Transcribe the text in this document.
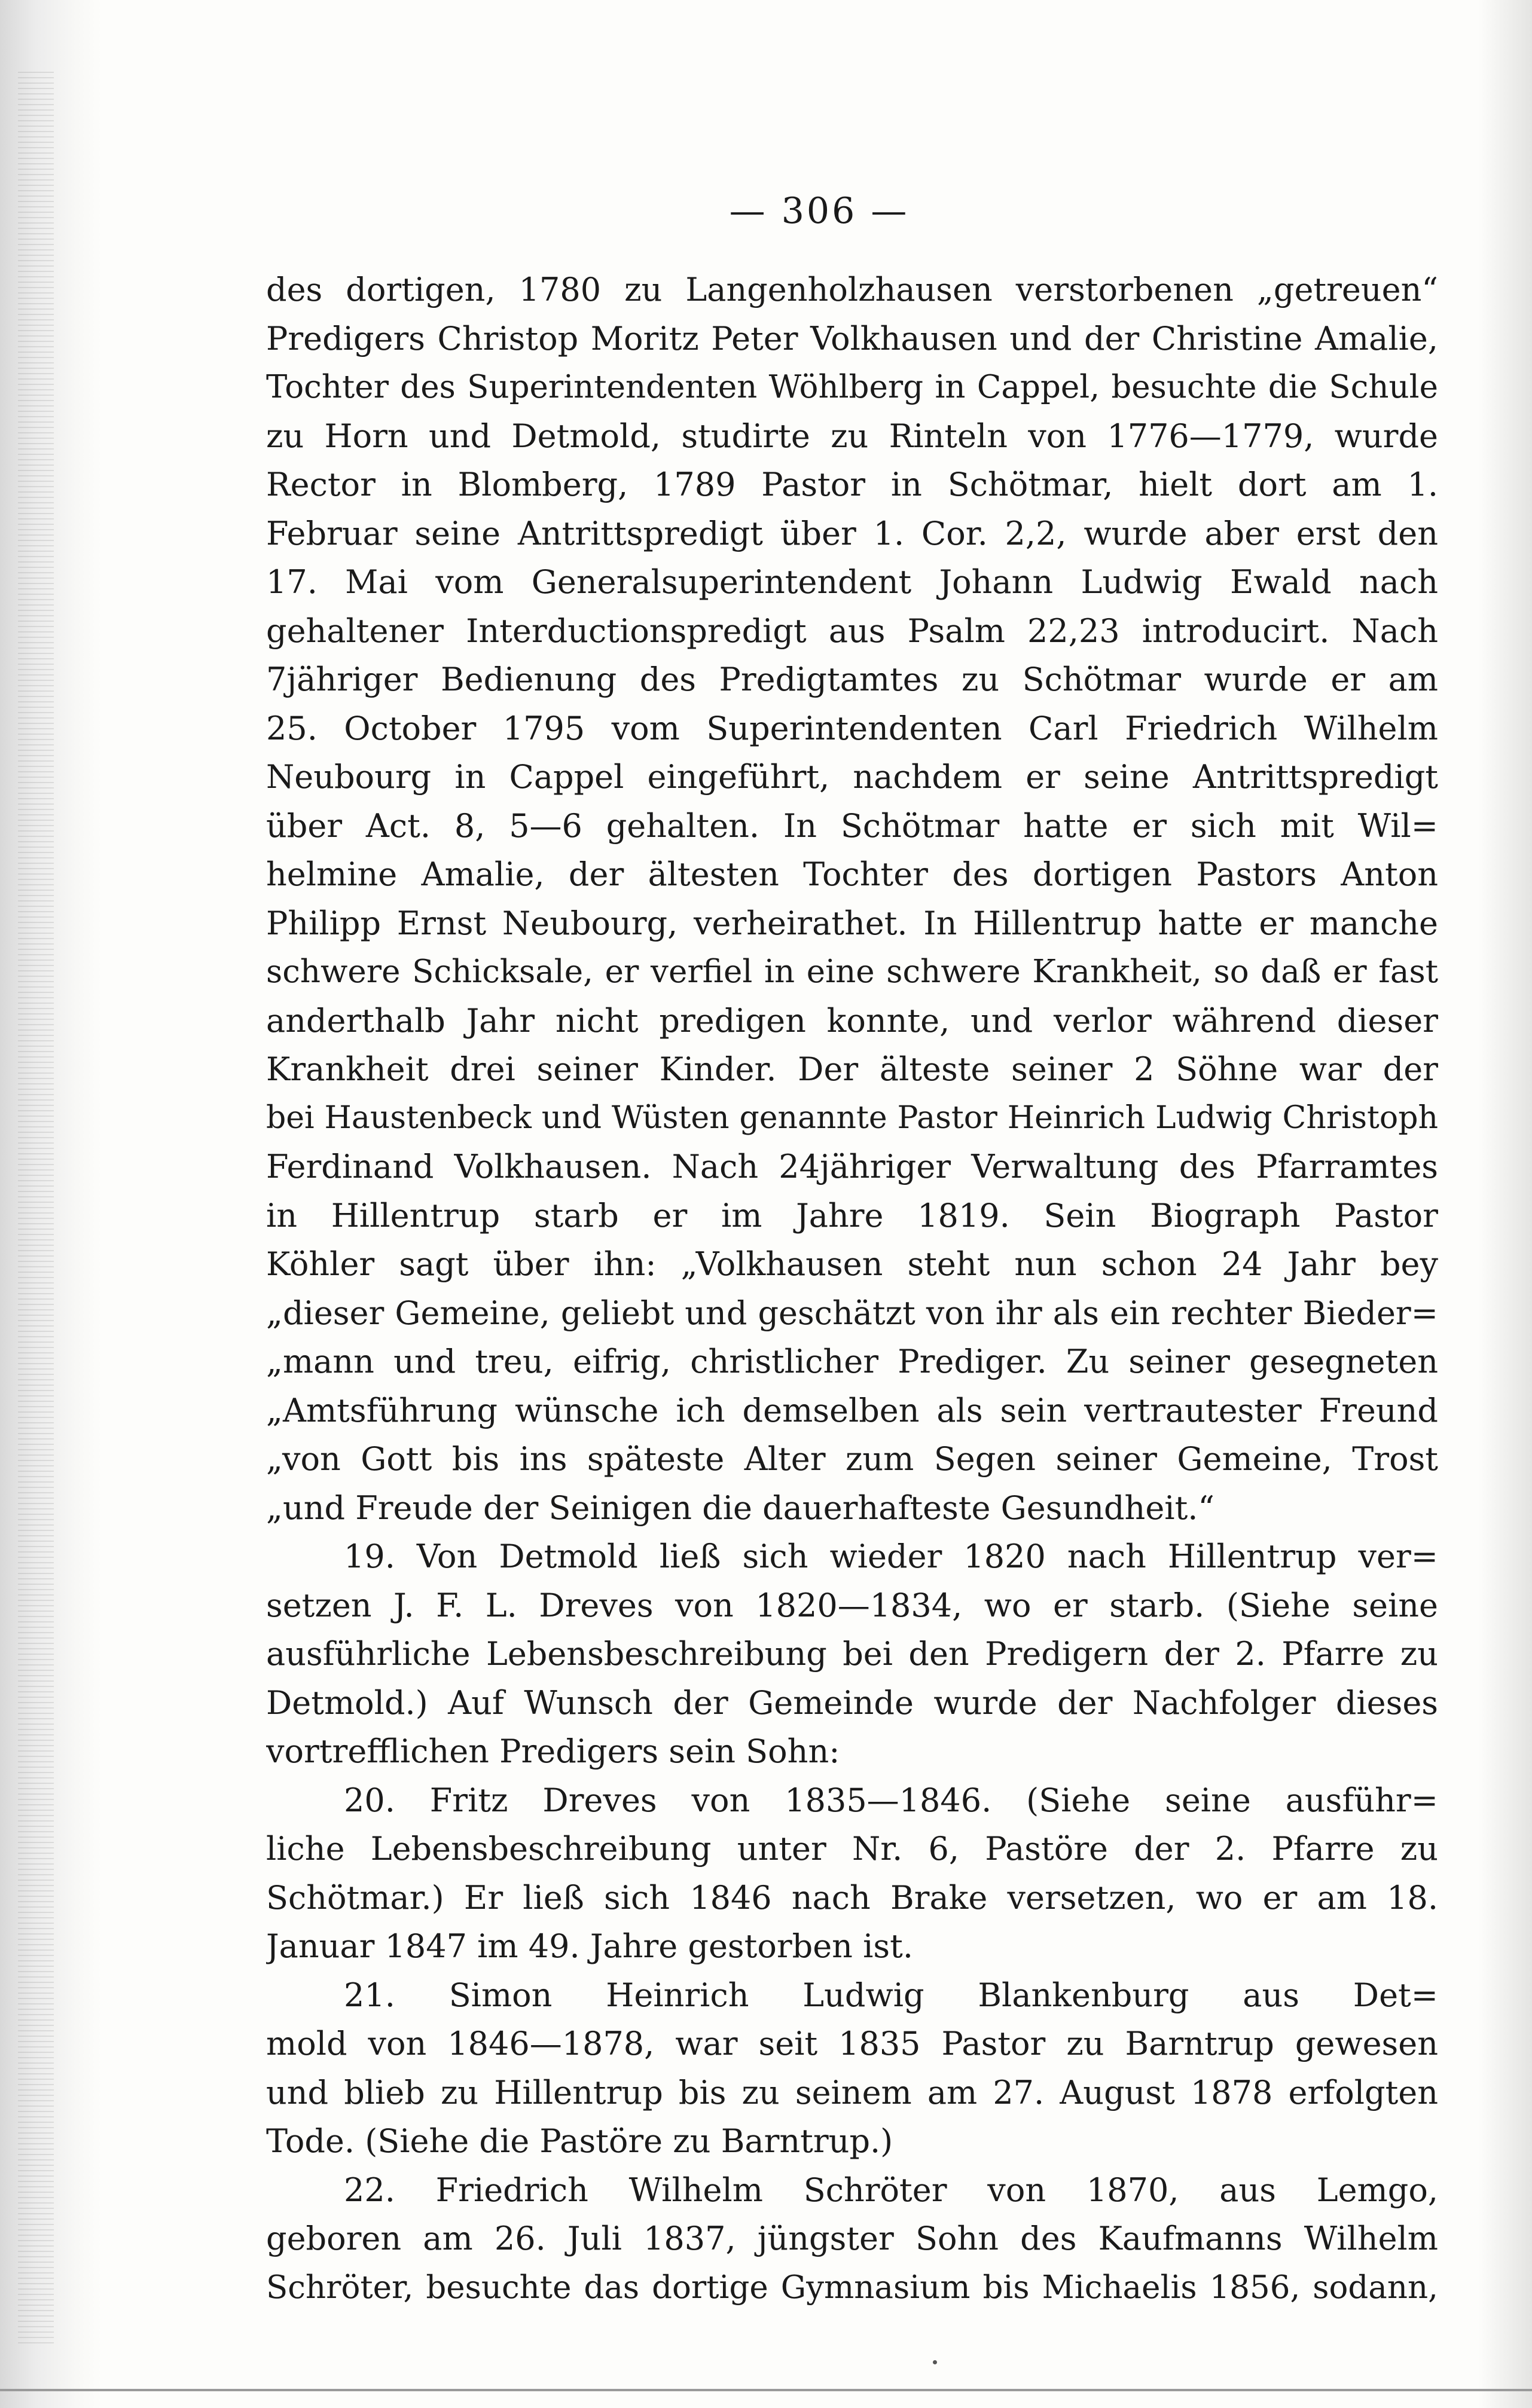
— 306 —
des dortigen, 1780 zu Langenholzhausen verstorbenen „getreuen“
Predigers Christop Moritz Peter Volkhausen und der Christine Amalie,
Tochter des Superintendenten Wöhlberg in Cappel, besuchte die Schule
zu Horn und Detmold, studirte zu Rinteln von 1776—1779, wurde
Rector in Blomberg, 1789 Pastor in Schötmar, hielt dort am 1.
Februar seine Antrittspredigt über 1. Cor. 2,2, wurde aber erst den
17. Mai vom Generalsuperintendent Johann Ludwig Ewald nach
gehaltener Interductionspredigt aus Psalm 22,23 introducirt. Nach
7jähriger Bedienung des Predigtamtes zu Schötmar wurde er am
25. October 1795 vom Superintendenten Carl Friedrich Wilhelm
Neubourg in Cappel eingeführt, nachdem er seine Antrittspredigt
über Act. 8, 5—6 gehalten. In Schötmar hatte er sich mit Wil=
helmine Amalie, der ältesten Tochter des dortigen Pastors Anton
Philipp Ernst Neubourg, verheirathet. In Hillentrup hatte er manche
schwere Schicksale, er verfiel in eine schwere Krankheit, so daß er fast
anderthalb Jahr nicht predigen konnte, und verlor während dieser
Krankheit drei seiner Kinder. Der älteste seiner 2 Söhne war der
bei Haustenbeck und Wüsten genannte Pastor Heinrich Ludwig Christoph
Ferdinand Volkhausen. Nach 24jähriger Verwaltung des Pfarramtes
in Hillentrup starb er im Jahre 1819. Sein Biograph Pastor
Köhler sagt über ihn: „Volkhausen steht nun schon 24 Jahr bey
„dieser Gemeine, geliebt und geschätzt von ihr als ein rechter Bieder=
„mann und treu, eifrig, christlicher Prediger. Zu seiner gesegneten
„Amtsführung wünsche ich demselben als sein vertrautester Freund
„von Gott bis ins späteste Alter zum Segen seiner Gemeine, Trost
„und Freude der Seinigen die dauerhafteste Gesundheit.“
19. Von Detmold ließ sich wieder 1820 nach Hillentrup ver=
setzen J. F. L. Dreves von 1820—1834, wo er starb. (Siehe seine
ausführliche Lebensbeschreibung bei den Predigern der 2. Pfarre zu
Detmold.) Auf Wunsch der Gemeinde wurde der Nachfolger dieses
vortrefflichen Predigers sein Sohn:
20. Fritz Dreves von 1835—1846. (Siehe seine ausführ=
liche Lebensbeschreibung unter Nr. 6, Pastöre der 2. Pfarre zu
Schötmar.) Er ließ sich 1846 nach Brake versetzen, wo er am 18.
Januar 1847 im 49. Jahre gestorben ist.
21. Simon Heinrich Ludwig Blankenburg aus Det=
mold von 1846—1878, war seit 1835 Pastor zu Barntrup gewesen
und blieb zu Hillentrup bis zu seinem am 27. August 1878 erfolgten
Tode. (Siehe die Pastöre zu Barntrup.)
22. Friedrich Wilhelm Schröter von 1870, aus Lemgo,
geboren am 26. Juli 1837, jüngster Sohn des Kaufmanns Wilhelm
Schröter, besuchte das dortige Gymnasium bis Michaelis 1856, sodann,
